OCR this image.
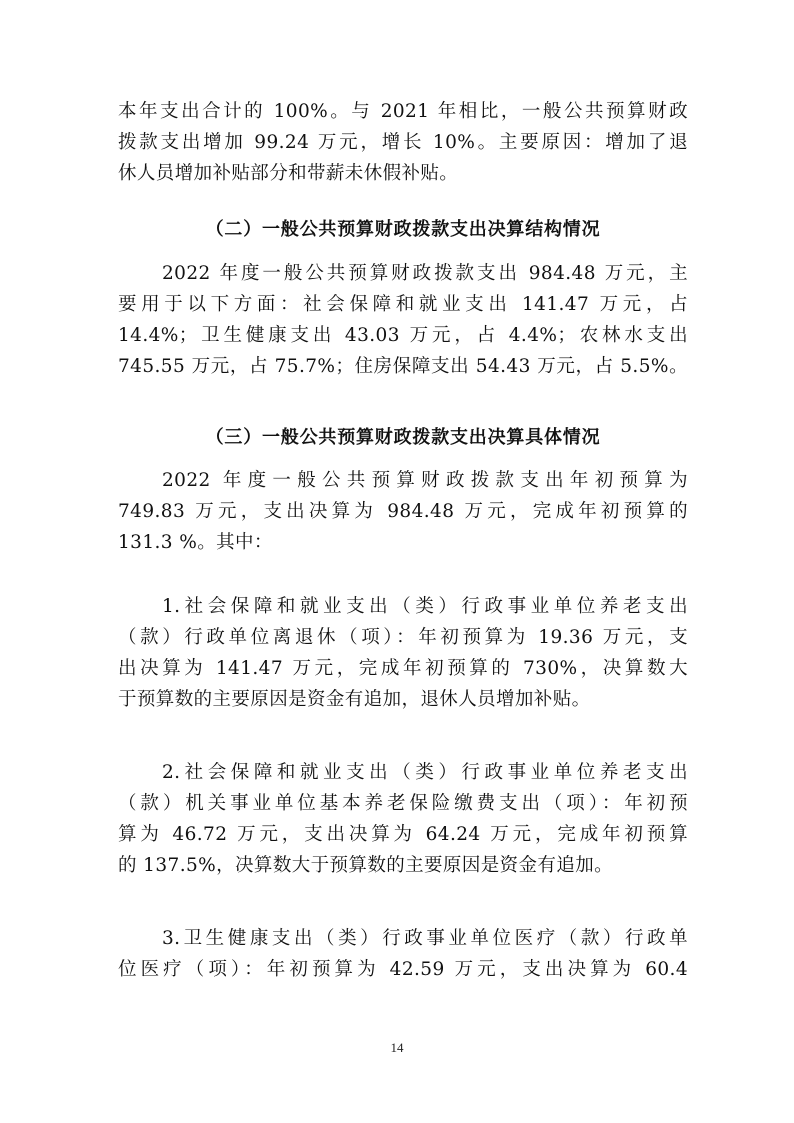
本年支出合计的 100%。与 2021 年相比，一般公共预算财政
拨款支出增加 99.24 万元，增长 10%。主要原因：增加了退
休人员增加补贴部分和带薪未休假补贴。
（二）一般公共预算财政拨款支出决算结构情况
2022 年度一般公共预算财政拨款支出 984.48 万元，主
要用于以下方面：社会保障和就业支出 141.47 万元，占
14.4%；卫生健康支出 43.03 万元，占 4.4%；农林水支出
745.55 万元，占 75.7%；住房保障支出 54.43 万元，占 5.5%。
（三）一般公共预算财政拨款支出决算具体情况
2022 年度一般公共预算财政拨款支出年初预算为
749.83 万元，支出决算为 984.48 万元，完成年初预算的
131.3 %。其中：
1.社会保障和就业支出（类）行政事业单位养老支出
（款）行政单位离退休（项）：年初预算为 19.36 万元，支
出决算为 141.47 万元，完成年初预算的 730%，决算数大
于预算数的主要原因是资金有追加，退休人员增加补贴。
2.社会保障和就业支出（类）行政事业单位养老支出
（款）机关事业单位基本养老保险缴费支出（项）：年初预
算为 46.72 万元，支出决算为 64.24 万元，完成年初预算
的 137.5%，决算数大于预算数的主要原因是资金有追加。
3.卫生健康支出（类）行政事业单位医疗（款）行政单
位医疗（项）：年初预算为 42.59 万元，支出决算为 60.4
14
